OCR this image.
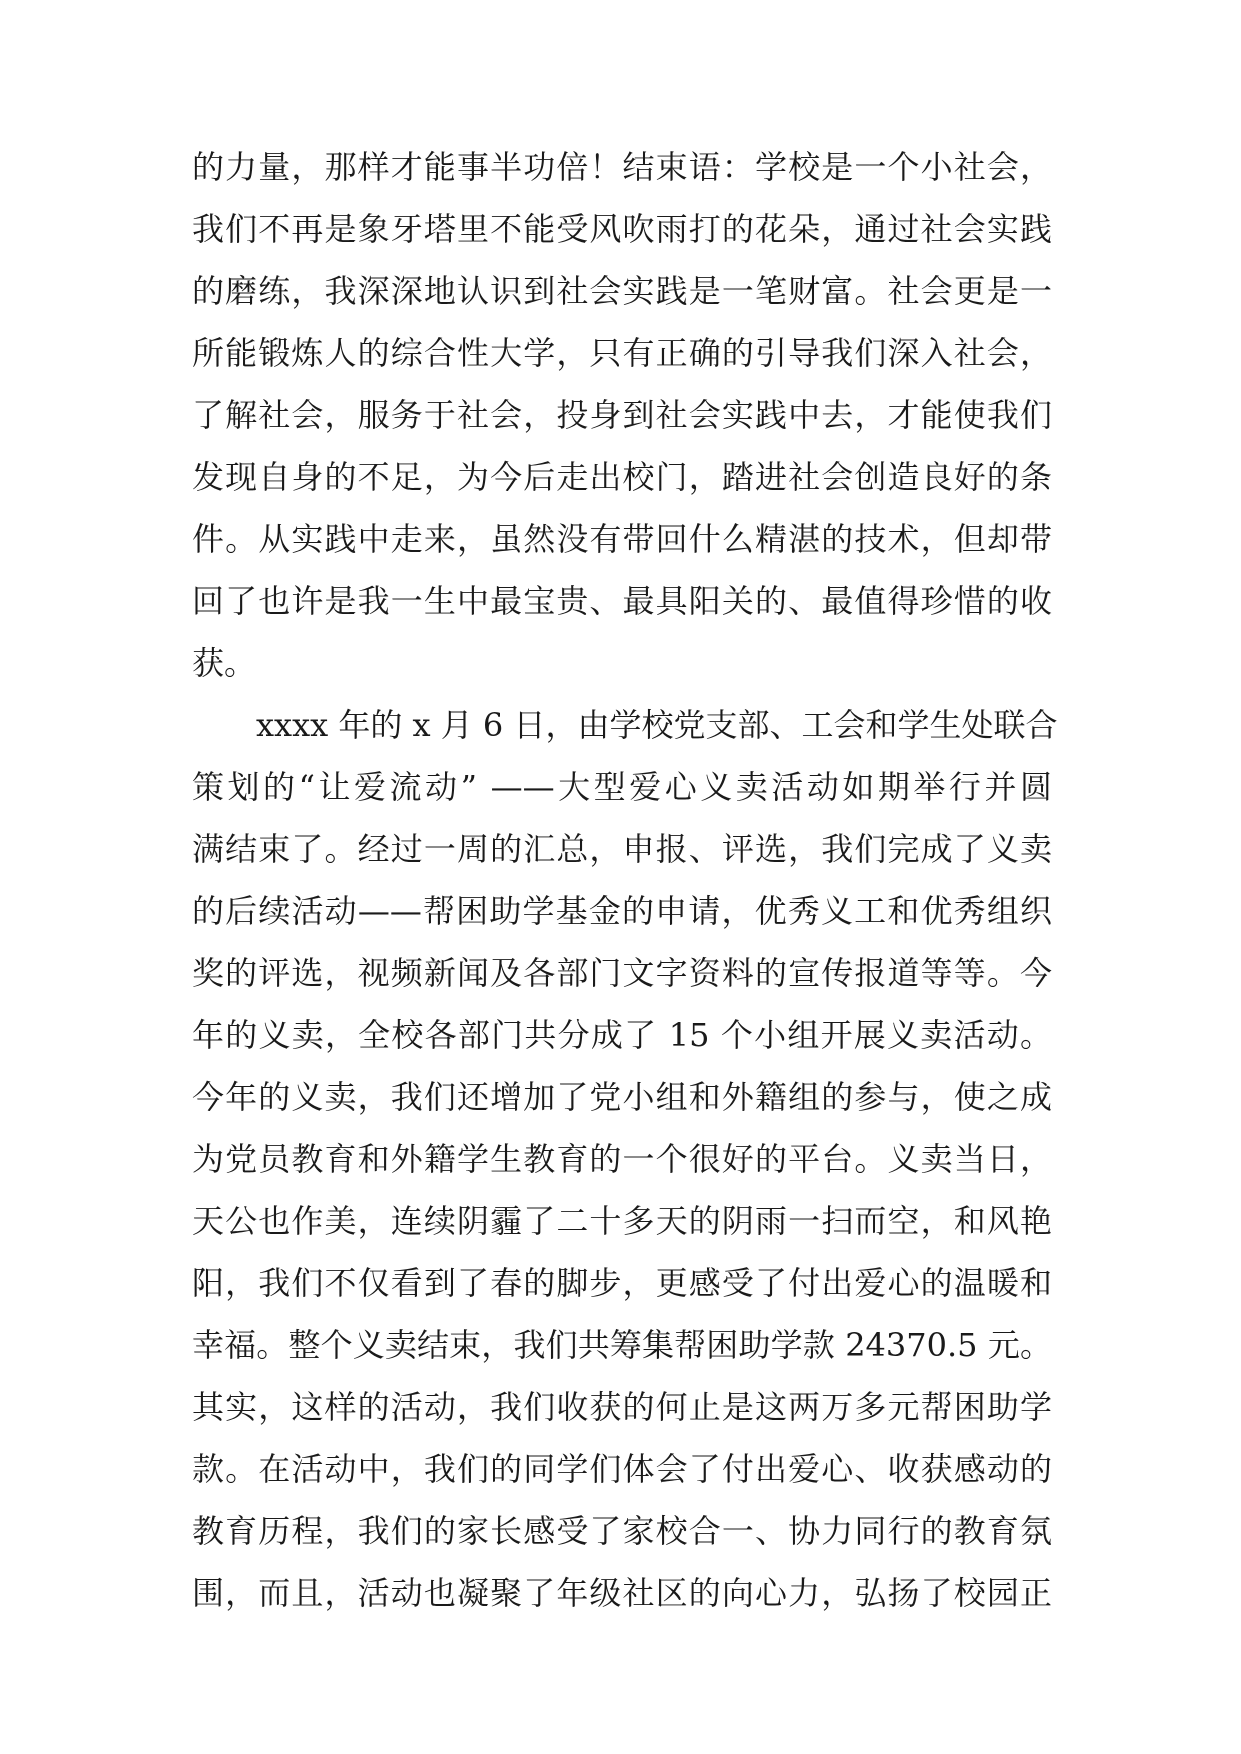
的力量，那样才能事半功倍！结束语：学校是一个小社会，
我们不再是象牙塔里不能受风吹雨打的花朵，通过社会实践
的磨练，我深深地认识到社会实践是一笔财富。社会更是一
所能锻炼人的综合性大学，只有正确的引导我们深入社会，
了解社会，服务于社会，投身到社会实践中去，才能使我们
发现自身的不足，为今后走出校门，踏进社会创造良好的条
件。从实践中走来，虽然没有带回什么精湛的技术，但却带
回了也许是我一生中最宝贵、最具阳关的、最值得珍惜的收
获。
xxxx 年的 x 月 6 日，由学校党支部、工会和学生处联合
策划的“让爱流动” ——大型爱心义卖活动如期举行并圆
满结束了。经过一周的汇总，申报、评选，我们完成了义卖
的后续活动——帮困助学基金的申请，优秀义工和优秀组织
奖的评选，视频新闻及各部门文字资料的宣传报道等等。今
年的义卖，全校各部门共分成了 15 个小组开展义卖活动。
今年的义卖，我们还增加了党小组和外籍组的参与，使之成
为党员教育和外籍学生教育的一个很好的平台。义卖当日，
天公也作美，连续阴霾了二十多天的阴雨一扫而空，和风艳
阳，我们不仅看到了春的脚步，更感受了付出爱心的温暖和
幸福。整个义卖结束，我们共筹集帮困助学款 24370.5 元。
其实，这样的活动，我们收获的何止是这两万多元帮困助学
款。在活动中，我们的同学们体会了付出爱心、收获感动的
教育历程，我们的家长感受了家校合一、协力同行的教育氛
围，而且，活动也凝聚了年级社区的向心力，弘扬了校园正
